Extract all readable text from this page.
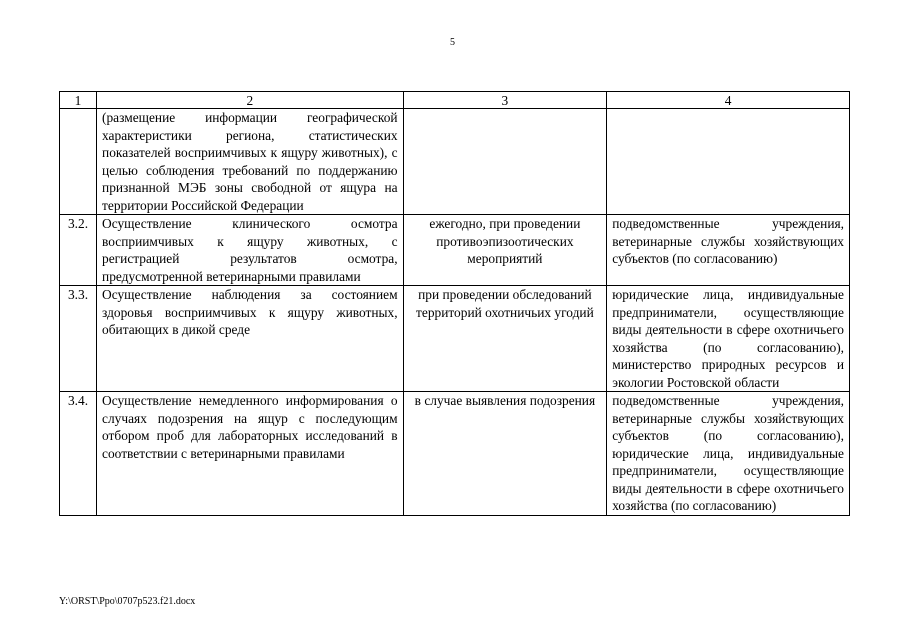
5
1	2	3	4
	(размещение информации географической характеристики региона, статистических показателей восприимчивых к ящуру животных), с целью соблюдения требований по поддержанию признанной МЭБ зоны свободной от ящура на территории Российской Федерации		
3.2.	Осуществление клинического осмотра восприимчивых к ящуру животных, с регистрацией результатов осмотра, предусмотренной ветеринарными правилами	ежегодно, при проведении противоэпизоотических мероприятий	подведомственные учреждения, ветеринарные службы хозяйствующих субъектов (по согласованию)
3.3.	Осуществление наблюдения за состоянием здоровья восприимчивых к ящуру животных, обитающих в дикой среде	при проведении обследований территорий охотничьих угодий	юридические лица, индивидуальные предприниматели, осуществляющие виды деятельности в сфере охотничьего хозяйства (по согласованию), министерство природных ресурсов и экологии Ростовской области
3.4.	Осуществление немедленного информирования о случаях подозрения на ящур с последующим отбором проб для лабораторных исследований в соответствии с ветеринарными правилами	в случае выявления подозрения	подведомственные учреждения, ветеринарные службы хозяйствующих субъектов (по согласованию), юридические лица, индивидуальные предприниматели, осуществляющие виды деятельности в сфере охотничьего хозяйства (по согласованию)
Y:\ORST\Ppo\0707p523.f21.docx
